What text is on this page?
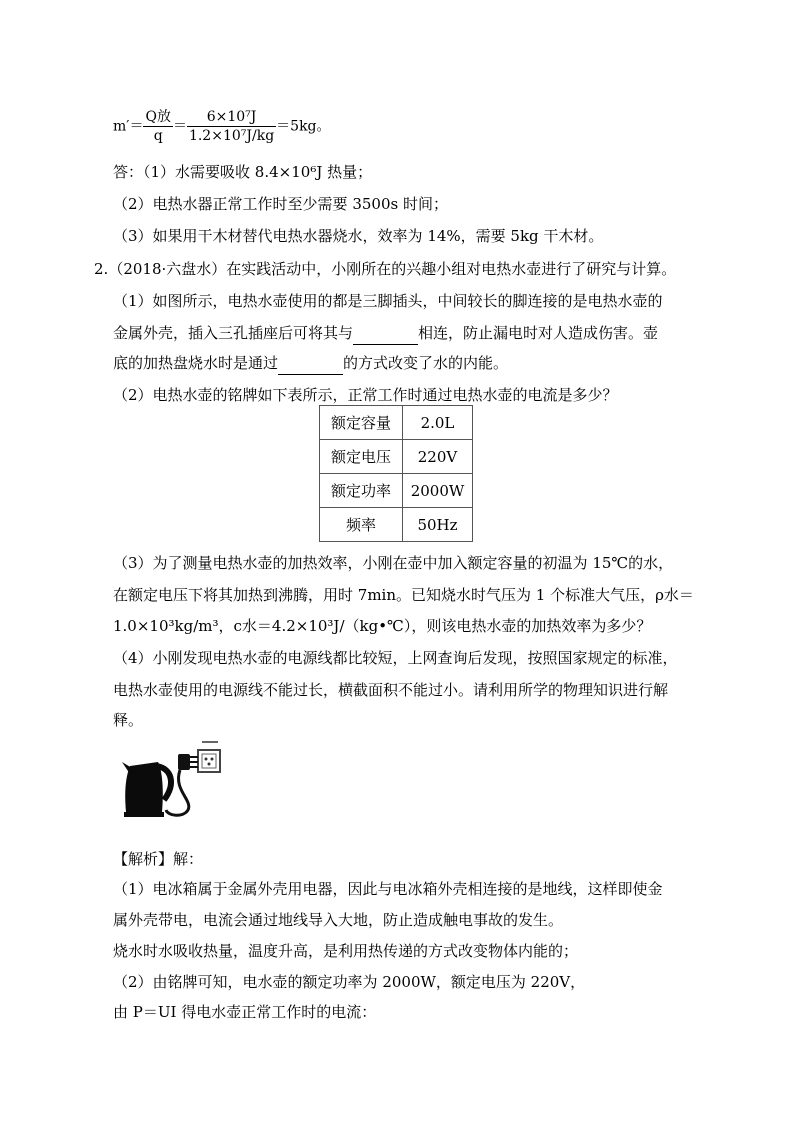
$m'= \frac{\text{Q放}}{q} = \frac{\text{6×10⁷J}}{\text{1.2×10⁷J/kg}} =5kg$。
答：（1）水需要吸收 8.4×10⁶J 热量；
（2）电热水器正常工作时至少需要 3500s 时间；
（3）如果用干木材替代电热水器烧水，效率为 14%，需要 5kg 干木材。
2.（2018·六盘水）在实践活动中，小刚所在的兴趣小组对电热水壶进行了研究与计算。
（1）如图所示，电热水壶使用的都是三脚插头，中间较长的脚连接的是电热水壶的
金属外壳，插入三孔插座后可将其与	相连，防止漏电时对人造成伤害。壶
底的加热盘烧水时是通过	的方式改变了水的内能。
（2）电热水壶的铭牌如下表所示，正常工作时通过电热水壶的电流是多少？
额定容量	2.0L
额定电压	220V
额定功率	2000W
频率	50Hz
（3）为了测量电热水壶的加热效率，小刚在壶中加入额定容量的初温为 15℃的水，
在额定电压下将其加热到沸腾，用时 7min。已知烧水时气压为 1 个标准大气压，ρ水＝
1.0×10³kg/m³，c水＝4.2×10³J/（kg•℃），则该电热水壶的加热效率为多少？
（4）小刚发现电热水壶的电源线都比较短，上网查询后发现，按照国家规定的标准，
电热水壶使用的电源线不能过长，横截面积不能过小。请利用所学的物理知识进行解
释。
【解析】解：
（1）电冰箱属于金属外壳用电器，因此与电冰箱外壳相连接的是地线，这样即使金
属外壳带电，电流会通过地线导入大地，防止造成触电事故的发生。
烧水时水吸收热量，温度升高，是利用热传递的方式改变物体内能的；
（2）由铭牌可知，电水壶的额定功率为 2000W，额定电压为 220V，
由 P＝UI 得电水壶正常工作时的电流：
